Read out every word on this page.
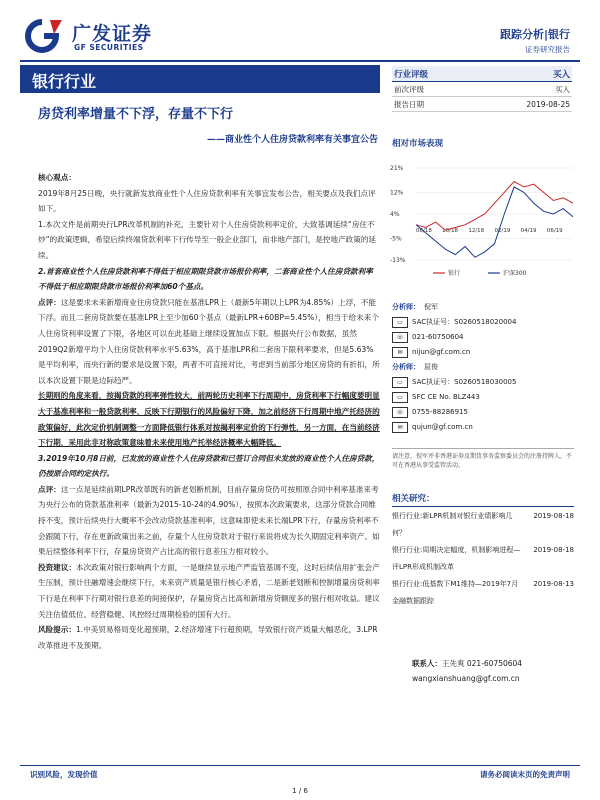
广发证券
GF SECURITIES
跟踪分析|银行
证券研究报告
银行行业
房贷利率增量不下浮，存量不下行
——商业性个人住房贷款利率有关事宜公告
行业评级	买入
前次评级	买入
报告日期	2019-08-25
相对市场表现
21%
12%
4%
-5%
-13%
08/18 10/18 12/18 02/19 04/19 06/19
银行	沪深300

核心观点：

2019年8月25日晚，央行就新发放商业性个人住房贷款利率有关事宜发布公告，相关要点及我们点评如下。

1.本次文件是前期央行LPR改革机制的补充，主要针对个人住房贷款利率定价，大致基调延续“房住不炒”的政策逻辑，希望后续终端贷款利率下行传导至一般企业部门，而非地产部门，是控地产政策的延续。

2.首套商业性个人住房贷款利率不得低于相应期限贷款市场报价利率，二套商业性个人住房贷款利率不得低于相应期限贷款市场报价利率加60个基点。

点评：这是要求未来新增商业住房贷款只能在基准LPR上（最新5年期以上LPR为4.85%）上浮，不能下浮。而且二套房贷款要在基准LPR上至少加60个基点（最新LPR+60BP=5.45%），相当于给未来个人住房贷利率设置了下限，各地区可以在此基础上继续设置加点下限。根据央行公布数据，虽然2019Q2新增平均个人住房贷款利率水平5.63%，高于基准LPR和二套房下限利率要求，但是5.63%是平均利率，而央行新的要求是设置下限，两者不可直接对比，考虑到当前部分地区房贷的有折扣，所以本次设置下限是边际趋严。

长期则的角度来看，按揭贷款的利率弹性较大，前两轮历史利率下行周期中，房贷利率下行幅度要明显大于基准利率和一般贷款利率，反映下行期银行的风险偏好下降，加之前经济下行周期中地产托经济的政策偏好，此次定价机制调整一方面降低银行体系对按揭利率定价的下行弹性，另一方面，在当前经济下行期，采用此非对称政策意味着未来使用地产托举经济概率大幅降低。

3.2019年10月8日前，已发放的商业性个人住房贷款和已签订合同但未发放的商业性个人住房贷款，仍按原合同约定执行。

点评：这一点是延续前期LPR改革既有的新老划断机制，目前存量房贷仍可按照原合同中利率基准来考为央行公布的贷款基准利率（最新为2015-10-24的4.90%），按照本次政策要求，这部分贷款合同维持不变，预计后续央行大概率不会改动贷款基准利率，这意味即使未来长端LPR下行，存量房贷利率不会跟随下行，存在更新政策出来之前，存量个人住房贷款对于银行来说将成为长久期固定利率资产。如果后续整体利率下行，存量房贷资产占比高的银行息差压力相对较小。

投资建议：本次政策对银行影响两个方面，一是继续显示地产严监管基调不变，这时后续信用扩张会产生压制，预计往融增速会继续下行，未来资产质量是银行核心矛盾，二是新老划断和控制增量房贷利率下行是在利率下行期对银行息差的间接保护，存量房贷占比高和新增房贷额度多的银行相对收益。建议关注估值低位、经营稳健、风控经过周期检验的国有大行。

风险提示：1.中美贸易格局变化超预期，2.经济增速下行超预期，导致银行资产质量大幅恶化，3.LPR改革推进不及预期。

分析师： 倪军
▭	SAC执证号：S0260518020004
☏	021-60750604
✉	nijun@gf.com.cn
分析师： 屈俊
▭	SAC执证号：S0260518030005
▭	SFC CE No. BLZ443
☏	0755-88286915
✉	qujun@gf.com.cn
请注意，倪军并非香港证券及期货事务监察委员会的注册持牌人，不可在香港从事受监管活动。
相关研究：
银行行业:新LPR机制对银行业绩影响几何？
2019-08-18
银行行业:周期决定幅度，机制影响进程—评LPR形成机制改革
2019-08-18
银行行业:低基数下M1维持—2019年7月金融数据跟踪
2019-08-13
联系人：王先爽 021-60750604
wangxianshuang@gf.com.cn
识别风险，发现价值	请务必阅读末页的免责声明
1 / 6
